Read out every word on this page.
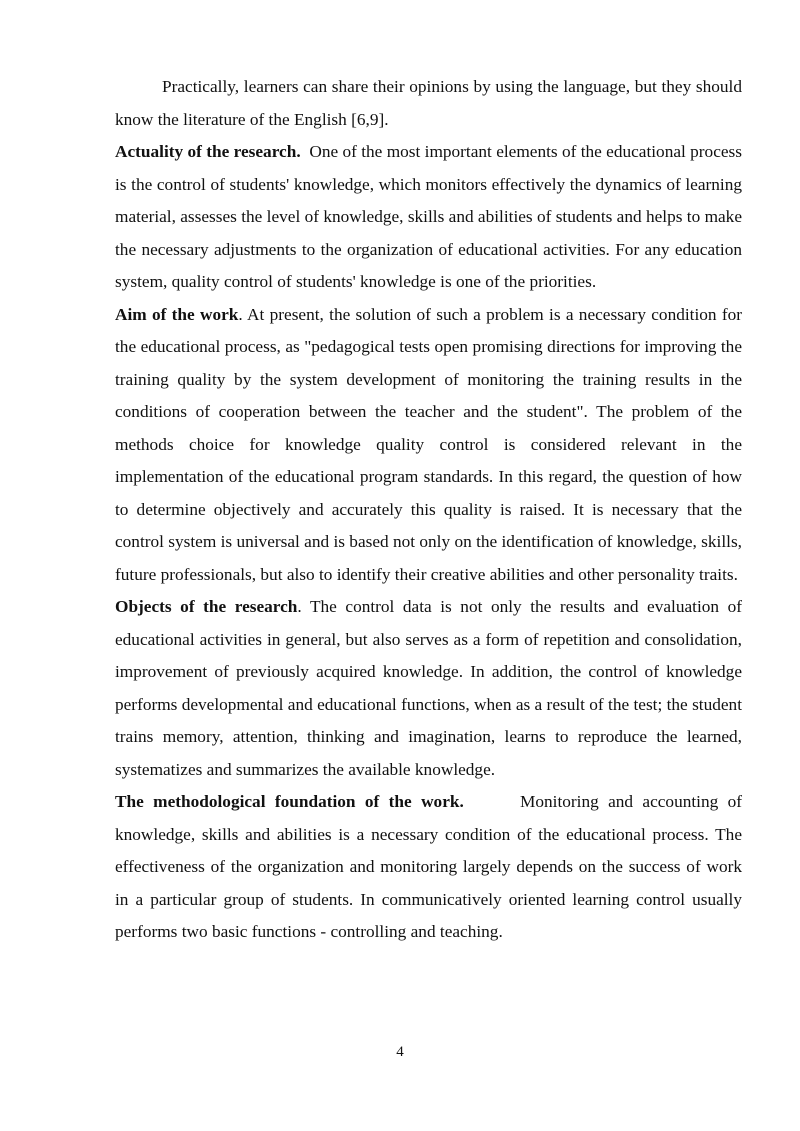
Practically, learners can share their opinions by using the language, but they should know the literature of the English [6,9].

Actuality of the research.  One of the most important elements of the educational process is the control of students' knowledge, which monitors effectively the dynamics of learning material, assesses the level of knowledge, skills and abilities of students and helps to make the necessary adjustments to the organization of educational activities. For any education system, quality control of students' knowledge is one of the priorities.

Aim of the work. At present, the solution of such a problem is a necessary condition for the educational process, as "pedagogical tests open promising directions for improving the training quality by the system development of monitoring the training results in the conditions of cooperation between the teacher and the student". The problem of the methods choice for knowledge quality control is considered relevant in the implementation of the educational program standards. In this regard, the question of how to determine objectively and accurately this quality is raised. It is necessary that the control system is universal and is based not only on the identification of knowledge, skills, future professionals, but also to identify their creative abilities and other personality traits.

Objects of the research. The control data is not only the results and evaluation of educational activities in general, but also serves as a form of repetition and consolidation, improvement of previously acquired knowledge. In addition, the control of knowledge performs developmental and educational functions, when as a result of the test; the student trains memory, attention, thinking and imagination, learns to reproduce the learned, systematizes and summarizes the available knowledge.

The methodological foundation of the work.      Monitoring and accounting of knowledge, skills and abilities is a necessary condition of the educational process. The effectiveness of the organization and monitoring largely depends on the success of work in a particular group of students. In communicatively oriented learning control usually performs two basic functions - controlling and teaching.

4
